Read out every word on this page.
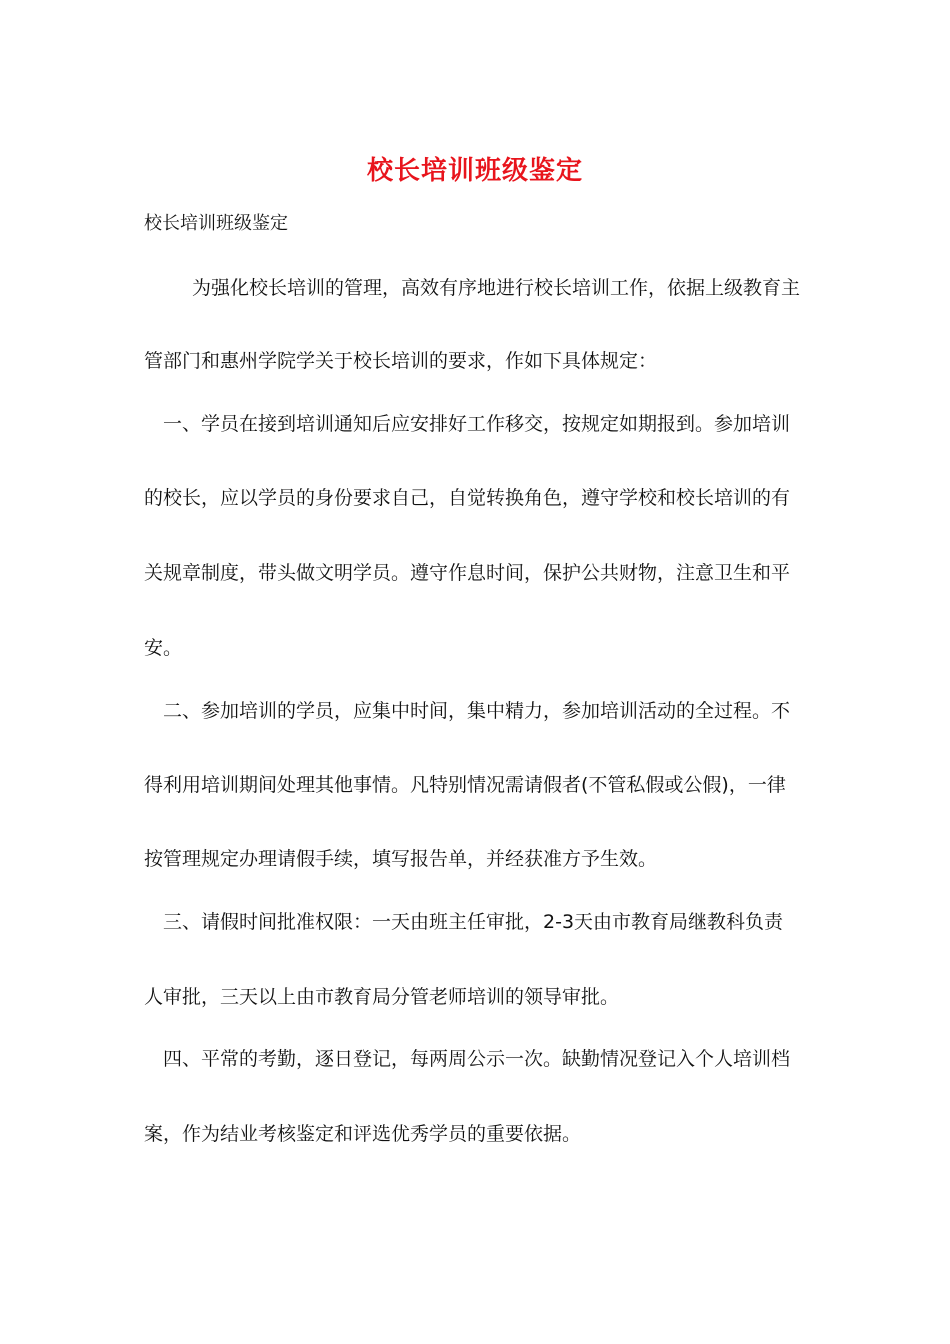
校长培训班级鉴定
校长培训班级鉴定
为强化校长培训的管理，高效有序地进行校长培训工作，依据上级教育主
管部门和惠州学院学关于校长培训的要求，作如下具体规定：
一、学员在接到培训通知后应安排好工作移交，按规定如期报到。参加培训
的校长，应以学员的身份要求自己，自觉转换角色，遵守学校和校长培训的有
关规章制度，带头做文明学员。遵守作息时间，保护公共财物，注意卫生和平
安。
二、参加培训的学员，应集中时间，集中精力，参加培训活动的全过程。不
得利用培训期间处理其他事情。凡特别情况需请假者(不管私假或公假)，一律
按管理规定办理请假手续，填写报告单，并经获准方予生效。
三、请假时间批准权限：一天由班主任审批，2-3天由市教育局继教科负责
人审批，三天以上由市教育局分管老师培训的领导审批。
四、平常的考勤，逐日登记，每两周公示一次。缺勤情况登记入个人培训档
案，作为结业考核鉴定和评选优秀学员的重要依据。
